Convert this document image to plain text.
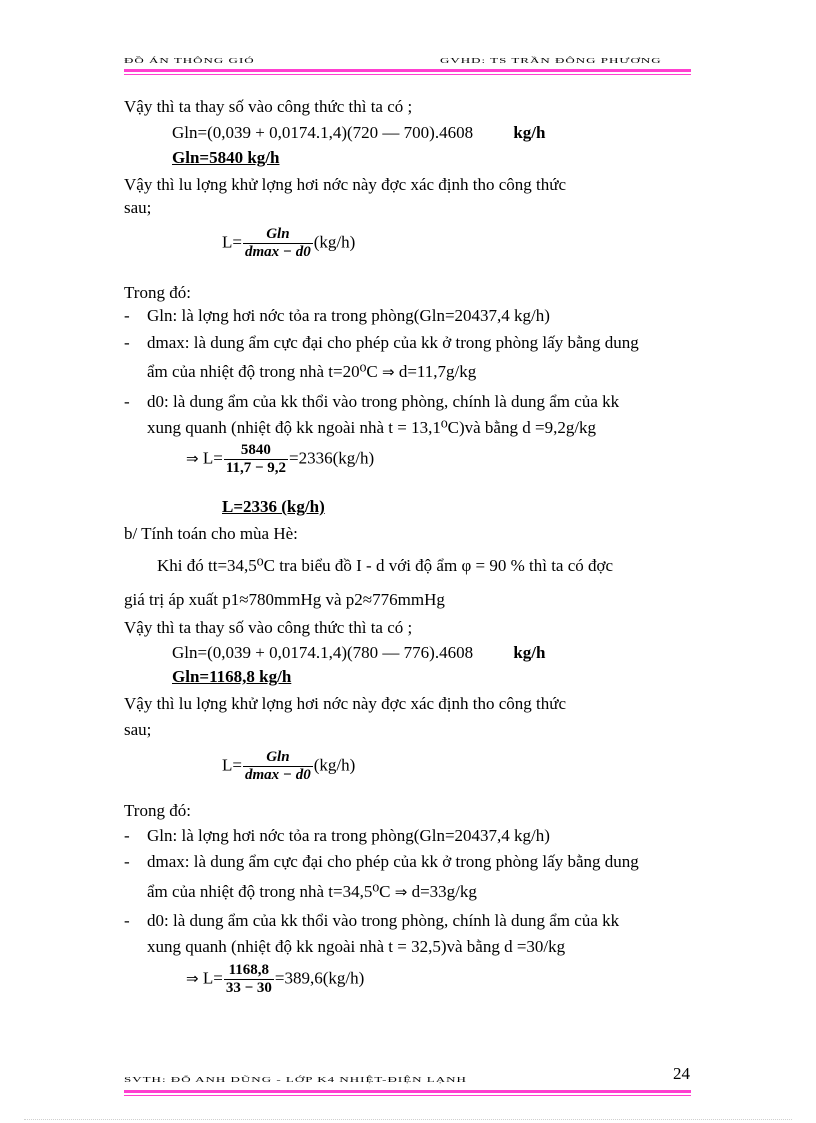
ĐỒ ÁN THÔNG GIÓ	GVHD: TS TRẦN ĐÔNG PHƯƠNG
Vậy thì ta thay số vào công thức thì ta có ;
Gln=(0,039 + 0,0174.1,4)(720 — 700).4608 kg/h
Gln=5840 kg/h
Vậy thì lu lợng khử lợng hơi nớc này đợc xác định tho công thức
sau;
$L= \frac{Gln}{dmax - d0} (kg/h)$
Trong đó:
- Gln: là lợng hơi nớc tỏa ra trong phòng(Gln=20437,4 kg/h)
- dmax: là dung ẩm cực đại cho phép của kk ở trong phòng lấy bằng dung
ẩm của nhiệt độ trong nhà t=20⁰C ⇒ d=11,7g/kg
- d0: là dung ẩm của kk thổi vào trong phòng, chính là dung ẩm của kk
xung quanh (nhiệt độ kk ngoài nhà t = 13,1⁰C)và bằng d =9,2g/kg
⇒ $L= \frac{5840}{11,7 - 9,2} =2336(kg/h)$
L=2336 (kg/h)
b/ Tính toán cho mùa Hè:
Khi đó tt=34,5⁰C tra biểu đồ I - d với độ ẩm φ = 90 % thì ta có đợc
giá trị áp xuất p1≈780mmHg và p2≈776mmHg
Vậy thì ta thay số vào công thức thì ta có ;
Gln=(0,039 + 0,0174.1,4)(780 — 776).4608 kg/h
Gln=1168,8 kg/h
Vậy thì lu lợng khử lợng hơi nớc này đợc xác định tho công thức
sau;
$L= \frac{Gln}{dmax - d0} (kg/h)$
Trong đó:
- Gln: là lợng hơi nớc tỏa ra trong phòng(Gln=20437,4 kg/h)
- dmax: là dung ẩm cực đại cho phép của kk ở trong phòng lấy bằng dung
ẩm của nhiệt độ trong nhà t=34,5⁰C ⇒ d=33g/kg
- d0: là dung ẩm của kk thổi vào trong phòng, chính là dung ẩm của kk
xung quanh (nhiệt độ kk ngoài nhà t = 32,5)và bằng d =30/kg
⇒ $L= \frac{1168,8}{33 - 30} =389,6(kg/h)$
SVTH: ĐỖ ANH DŨNG - LỚP K4 NHIỆT-ĐIỆN LẠNH	24
